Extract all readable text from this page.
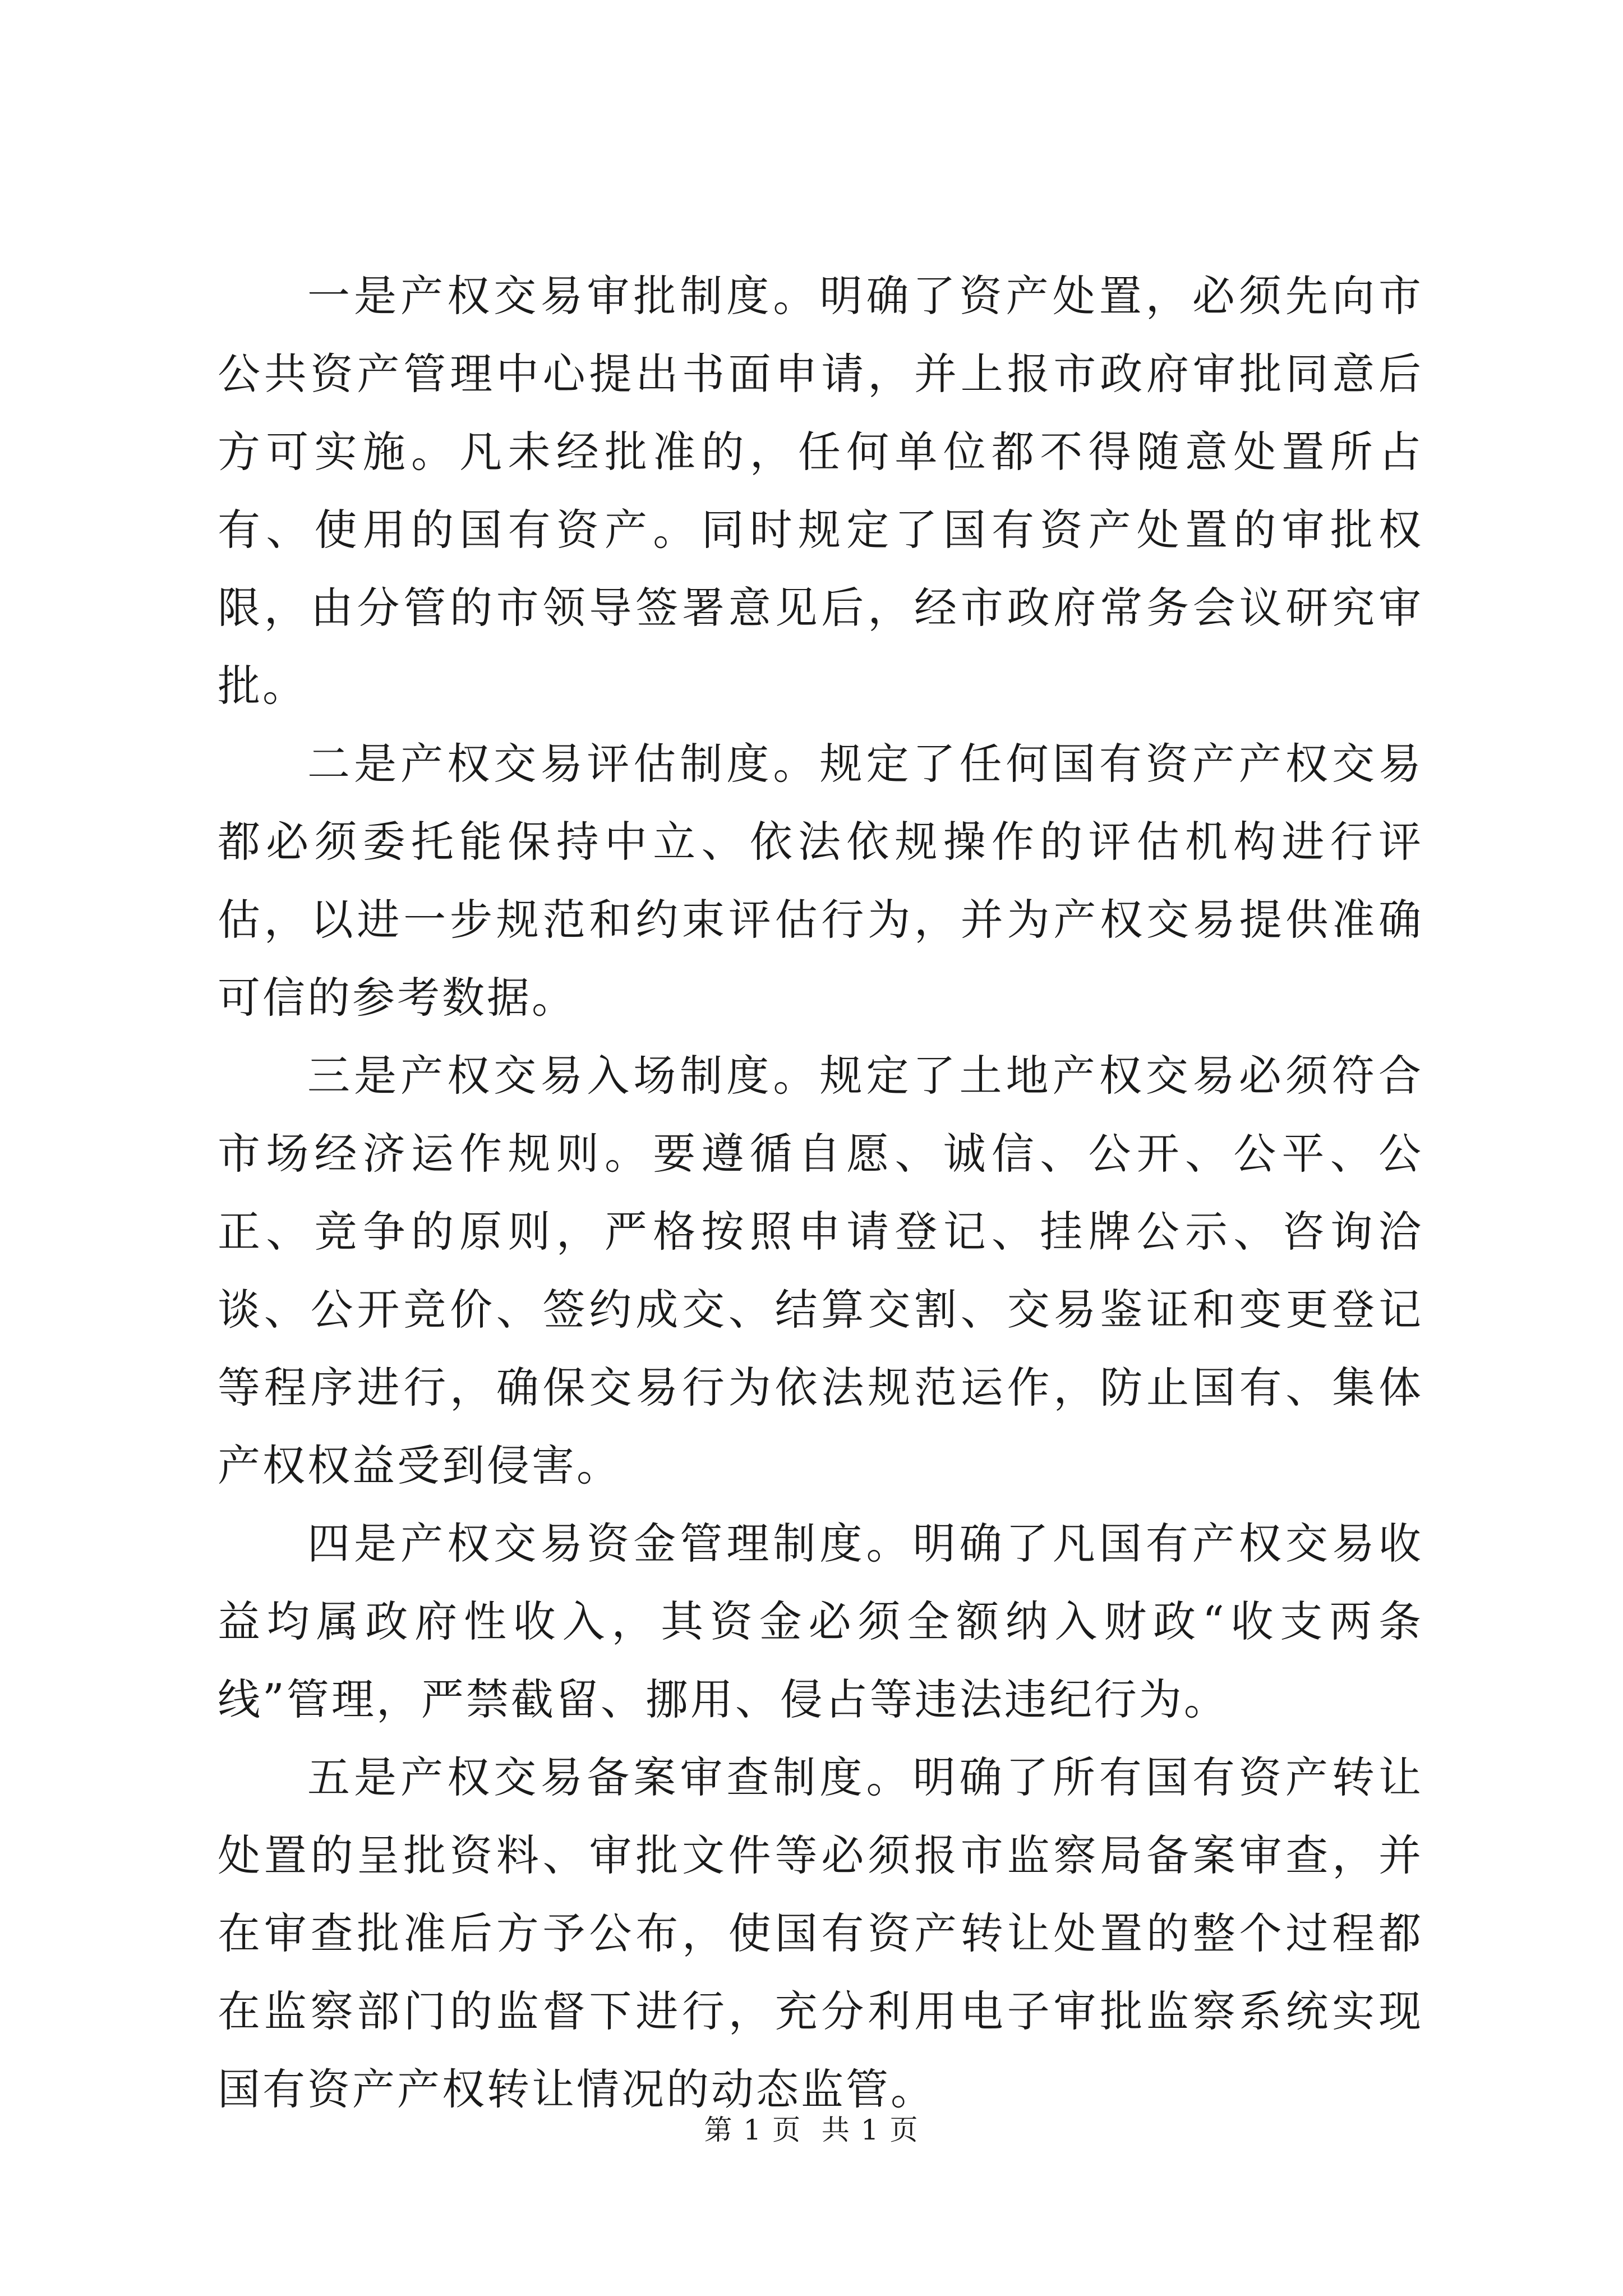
一是产权交易审批制度。明确了资产处置，必须先向市公共资产管理中心提出书面申请，并上报市政府审批同意后方可实施。凡未经批准的，任何单位都不得随意处置所占有、使用的国有资产。同时规定了国有资产处置的审批权限，由分管的市领导签署意见后，经市政府常务会议研究审批。

二是产权交易评估制度。规定了任何国有资产产权交易都必须委托能保持中立、依法依规操作的评估机构进行评估，以进一步规范和约束评估行为，并为产权交易提供准确可信的参考数据。

三是产权交易入场制度。规定了土地产权交易必须符合市场经济运作规则。要遵循自愿、诚信、公开、公平、公正、竞争的原则，严格按照申请登记、挂牌公示、咨询洽谈、公开竞价、签约成交、结算交割、交易鉴证和变更登记等程序进行，确保交易行为依法规范运作，防止国有、集体产权权益受到侵害。

四是产权交易资金管理制度。明确了凡国有产权交易收益均属政府性收入，其资金必须全额纳入财政“收支两条线”管理，严禁截留、挪用、侵占等违法违纪行为。

五是产权交易备案审查制度。明确了所有国有资产转让处置的呈批资料、审批文件等必须报市监察局备案审查，并在审查批准后方予公布，使国有资产转让处置的整个过程都在监察部门的监督下进行，充分利用电子审批监察系统实现国有资产产权转让情况的动态监管。

第 1 页  共 1 页
